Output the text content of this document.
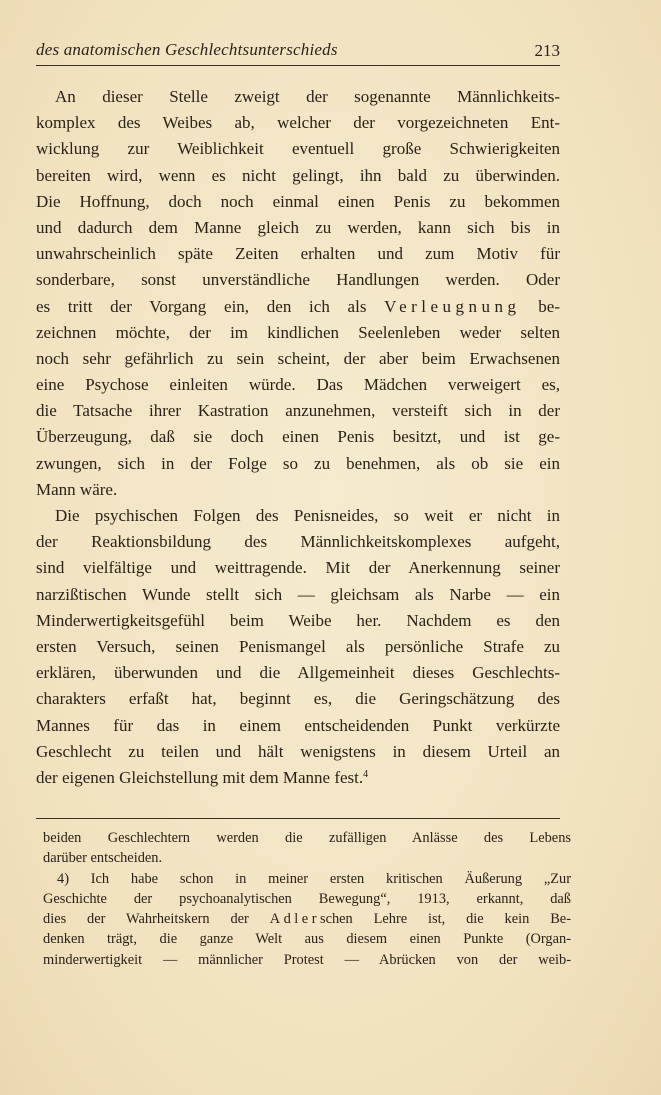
des anatomischen Geschlechtsunterschieds	213
An dieser Stelle zweigt der sogenannte Männlichkeits-
komplex des Weibes ab, welcher der vorgezeichneten Ent-
wicklung zur Weiblichkeit eventuell große Schwierigkeiten
bereiten wird, wenn es nicht gelingt, ihn bald zu überwinden.
Die Hoffnung, doch noch einmal einen Penis zu bekommen
und dadurch dem Manne gleich zu werden, kann sich bis in
unwahrscheinlich späte Zeiten erhalten und zum Motiv für
sonderbare, sonst unverständliche Handlungen werden. Oder
es tritt der Vorgang ein, den ich als Verleugnung be-
zeichnen möchte, der im kindlichen Seelenleben weder selten
noch sehr gefährlich zu sein scheint, der aber beim Erwachsenen
eine Psychose einleiten würde. Das Mädchen verweigert es,
die Tatsache ihrer Kastration anzunehmen, versteift sich in der
Überzeugung, daß sie doch einen Penis besitzt, und ist ge-
zwungen, sich in der Folge so zu benehmen, als ob sie ein
Mann wäre.
Die psychischen Folgen des Penisneides, so weit er nicht in
der Reaktionsbildung des Männlichkeitskomplexes aufgeht,
sind vielfältige und weittragende. Mit der Anerkennung seiner
narzißtischen Wunde stellt sich — gleichsam als Narbe — ein
Minderwertigkeitsgefühl beim Weibe her. Nachdem es den
ersten Versuch, seinen Penismangel als persönliche Strafe zu
erklären, überwunden und die Allgemeinheit dieses Geschlechts-
charakters erfaßt hat, beginnt es, die Geringschätzung des
Mannes für das in einem entscheidenden Punkt verkürzte
Geschlecht zu teilen und hält wenigstens in diesem Urteil an
der eigenen Gleichstellung mit dem Manne fest.$^4$
beiden Geschlechtern werden die zufälligen Anlässe des Lebens
darüber entscheiden.
4) Ich habe schon in meiner ersten kritischen Äußerung „Zur
Geschichte der psychoanalytischen Bewegung“, 1913, erkannt, daß
dies der Wahrheitskern der Adlerschen Lehre ist, die kein Be-
denken trägt, die ganze Welt aus diesem einen Punkte (Organ-
minderwertigkeit — männlicher Protest — Abrücken von der weib-
